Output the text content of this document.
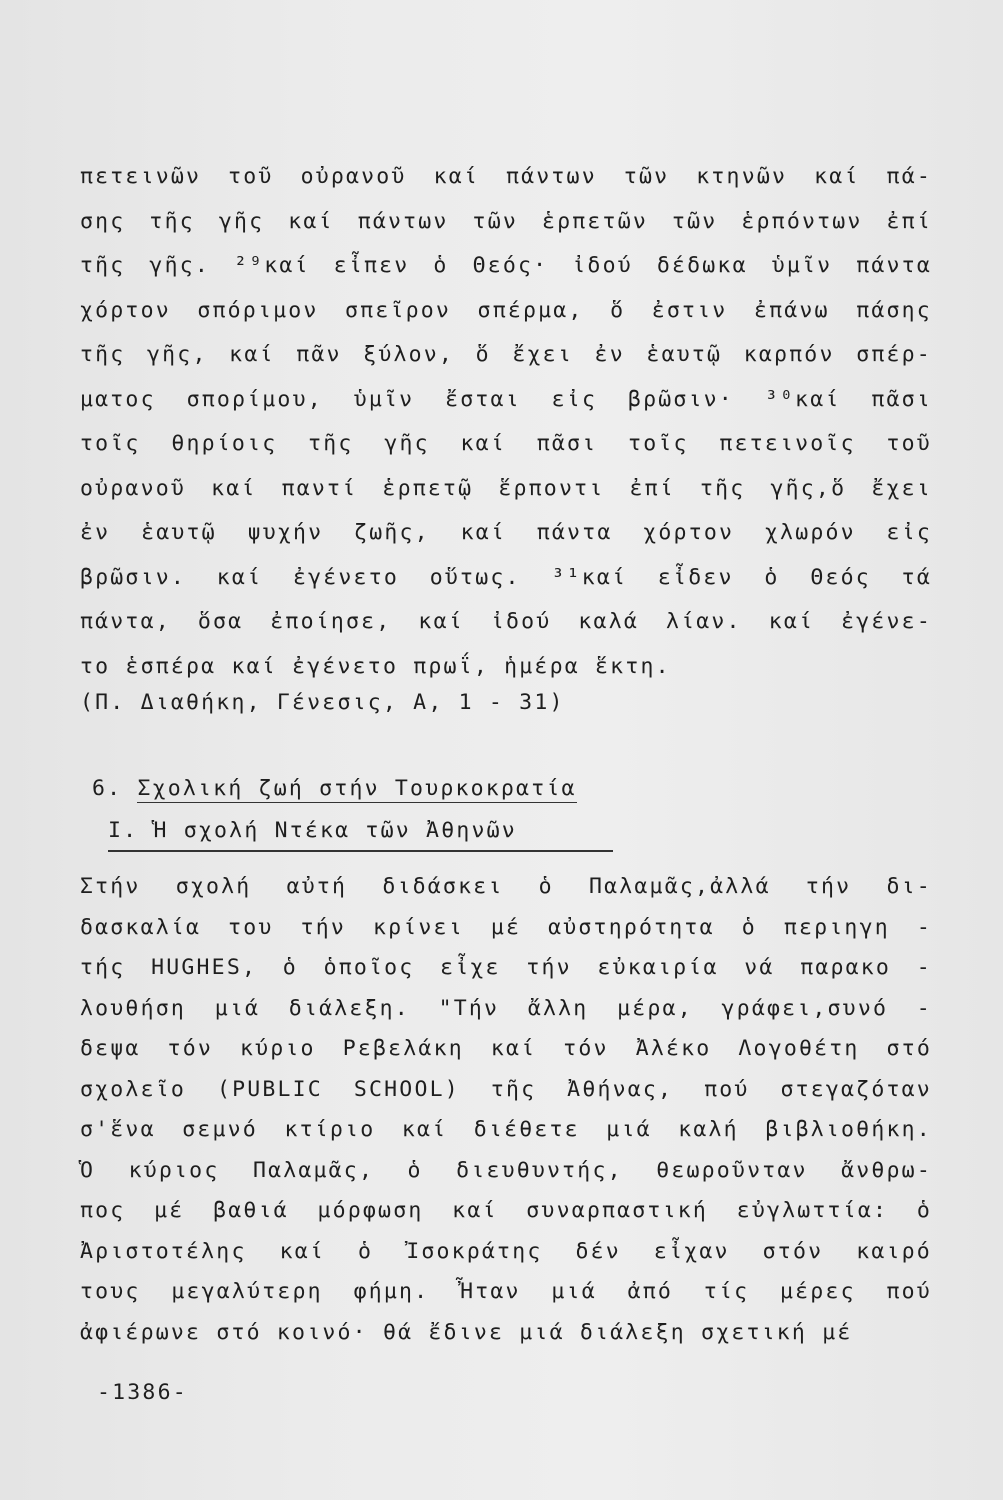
πετεινῶν τοῦ οὐρανοῦ καί πάντων τῶν κτηνῶν καί πά-
σης τῆς γῆς καί πάντων τῶν ἑρπετῶν τῶν ἑρπόντων ἐπί
τῆς γῆς. ²⁹καί εἶπεν ὁ Θεός· ἰδού δέδωκα ὑμῖν πάντα
χόρτον σπόριμον σπεῖρον σπέρμα, ὅ ἐστιν ἐπάνω πάσης
τῆς γῆς, καί πᾶν ξύλον, ὅ ἔχει ἐν ἑαυτῷ καρπόν σπέρ-
ματος σπορίμου, ὑμῖν ἔσται εἰς βρῶσιν· ³⁰καί πᾶσι
τοῖς θηρίοις τῆς γῆς καί πᾶσι τοῖς πετεινοῖς τοῦ
οὐρανοῦ καί παντί ἑρπετῷ ἕρποντι ἐπί τῆς γῆς,ὅ ἔχει
ἐν ἑαυτῷ ψυχήν ζωῆς, καί πάντα χόρτον χλωρόν εἰς
βρῶσιν. καί ἐγένετο οὕτως. ³¹καί εἶδεν ὁ Θεός τά
πάντα, ὅσα ἐποίησε, καί ἰδού καλά λίαν. καί ἐγένε-
το
ἑσπέρα
καί
ἐγένετο
πρωΐ,
ἡμέρα
ἕκτη.
(Π. Διαθήκη, Γένεσις, Α, 1 - 31)
6. Σχολική ζωή στήν Τουρκοκρατία
I. Ἡ σχολή Ντέκα τῶν Ἀθηνῶν
Στήν σχολή αὐτή διδάσκει ὁ Παλαμᾶς,ἀλλά τήν δι-
δασκαλία του τήν κρίνει μέ αὐστηρότητα ὁ περιηγη -
τής HUGHES, ὁ ὁποῖος εἶχε τήν εὐκαιρία νά παρακο -
λουθήση μιά διάλεξη. "Τήν ἄλλη μέρα, γράφει,συνό -
δεψα τόν κύριο Ρεβελάκη καί τόν Ἀλέκο Λογοθέτη στό
σχολεῖο (PUBLIC SCHOOL) τῆς Ἀθήνας, πού στεγαζόταν
σ'ἕνα σεμνό κτίριο καί διέθετε μιά καλή βιβλιοθήκη.
Ὁ κύριος Παλαμᾶς, ὁ διευθυντής, θεωροῦνταν ἄνθρω-
πος μέ βαθιά μόρφωση καί συναρπαστική εὐγλωττία: ὁ
Ἀριστοτέλης καί ὁ Ἰσοκράτης δέν εἶχαν στόν καιρό
τους μεγαλύτερη φήμη. Ἦταν μιά ἀπό τίς μέρες πού
ἀφιέρωνε
στό
κοινό·
θά
ἔδινε
μιά
διάλεξη
σχετική
μέ
-1386-
